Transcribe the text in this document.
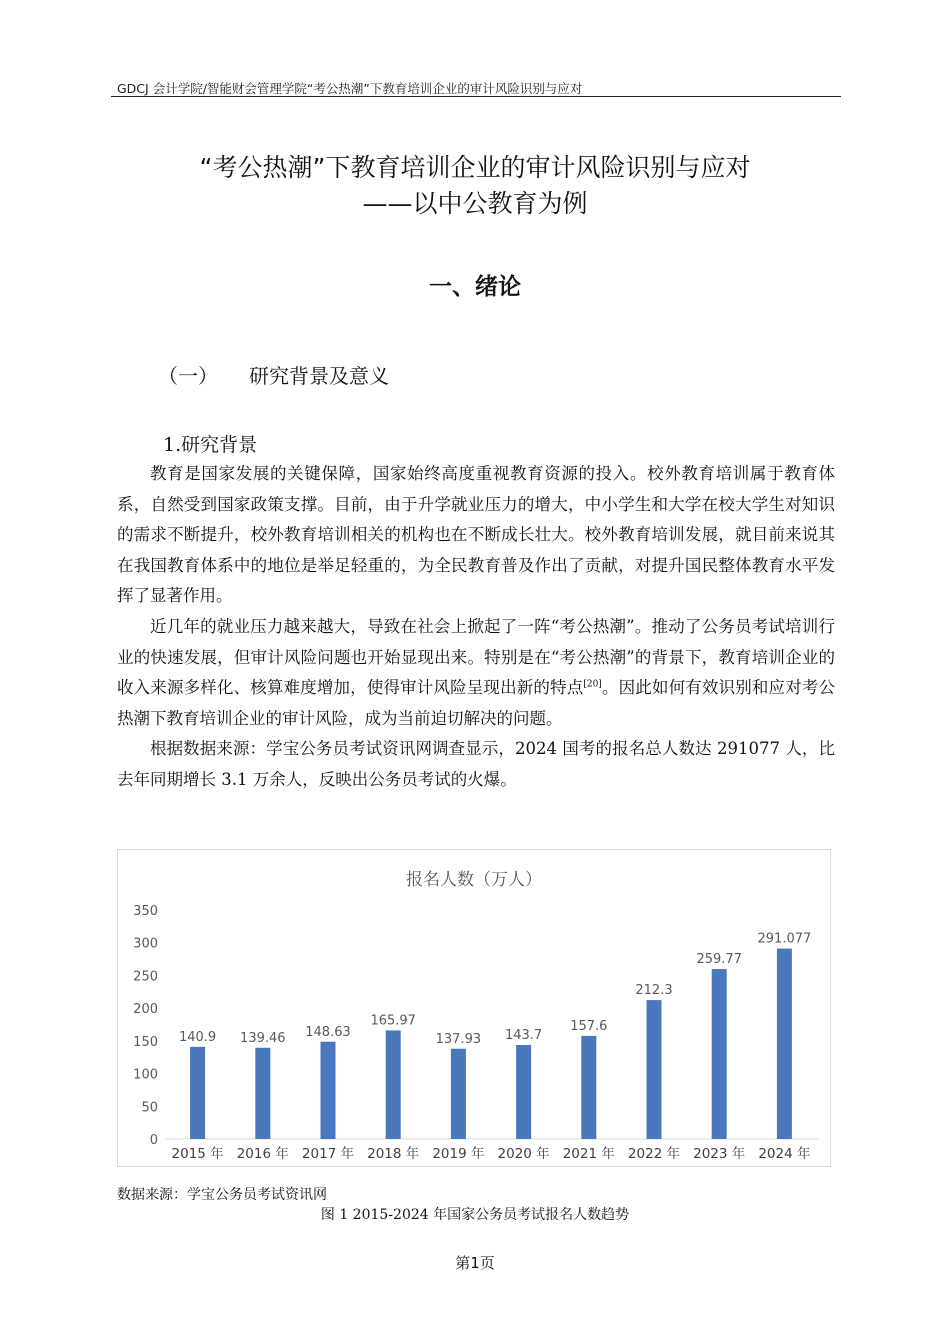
GDCJ 会计学院/智能财会管理学院“考公热潮”下教育培训企业的审计风险识别与应对
“考公热潮”下教育培训企业的审计风险识别与应对
——以中公教育为例
一、绪论
（一） 研究背景及意义
1.研究背景

教育是国家发展的关键保障，国家始终高度重视教育资源的投入。校外教育培训属于教育体系，自然受到国家政策支撑。目前，由于升学就业压力的增大，中小学生和大学在校大学生对知识的需求不断提升，校外教育培训相关的机构也在不断成长壮大。校外教育培训发展，就目前来说其在我国教育体系中的地位是举足轻重的，为全民教育普及作出了贡献，对提升国民整体教育水平发挥了显著作用。

近几年的就业压力越来越大，导致在社会上掀起了一阵“考公热潮”。推动了公务员考试培训行业的快速发展，但审计风险问题也开始显现出来。特别是在“考公热潮”的背景下，教育培训企业的收入来源多样化、核算难度增加，使得审计风险呈现出新的特点[20]。因此如何有效识别和应对考公热潮下教育培训企业的审计风险，成为当前迫切解决的问题。

根据数据来源：学宝公务员考试资讯网调查显示，2024 国考的报名总人数达 291077 人，比去年同期增长 3.1 万余人，反映出公务员考试的火爆。

报名人数（万人）
0
50
100
150
200
250
300
350
140.9 139.46 148.63
165.97
137.93 143.7
157.6
212.3
259.77
291.077
2015 年 2016 年 2017 年 2018 年 2019 年 2020 年 2021 年 2022 年 2023 年 2024 年
数据来源：学宝公务员考试资讯网
图 1 2015-2024 年国家公务员考试报名人数趋势
第1页
